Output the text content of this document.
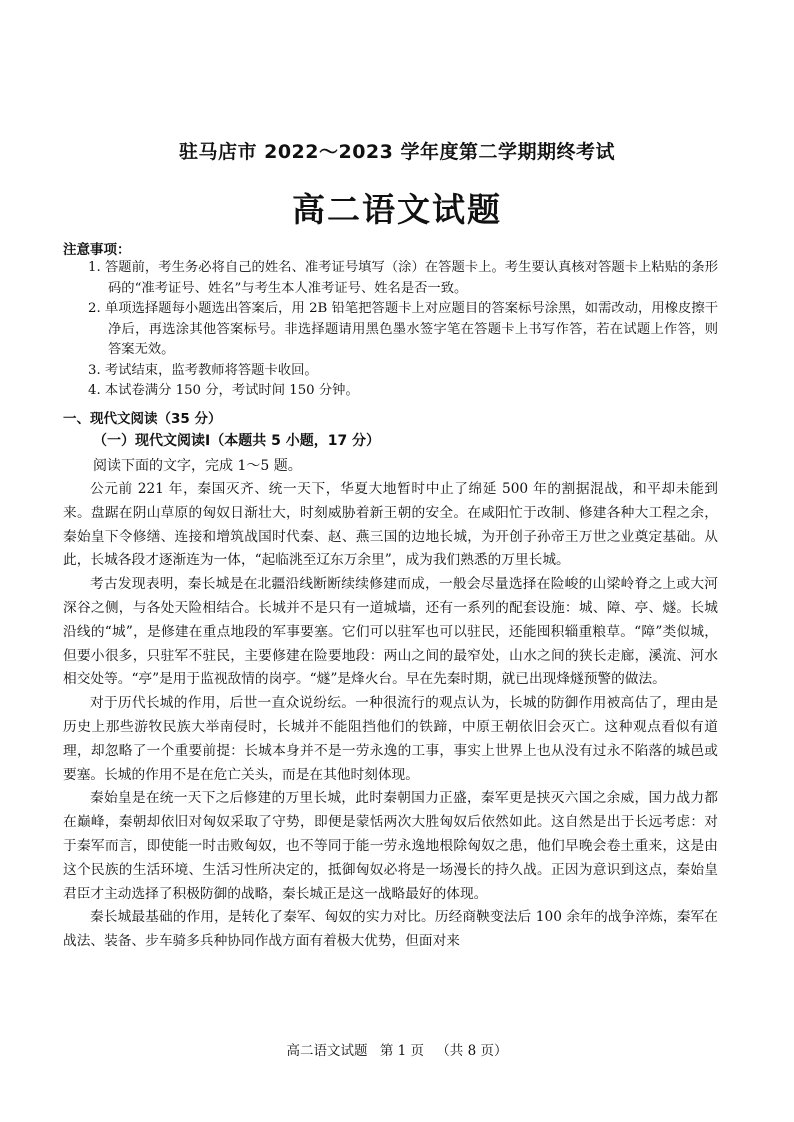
驻马店市 2022～2023 学年度第二学期期终考试
高二语文试题
注意事项：

1. 答题前，考生务必将自己的姓名、准考证号填写（涂）在答题卡上。考生要认真核对答题卡上粘贴的条形码的“准考证号、姓名”与考生本人准考证号、姓名是否一致。

2. 单项选择题每小题选出答案后，用 2B 铅笔把答题卡上对应题目的答案标号涂黑，如需改动，用橡皮擦干净后，再选涂其他答案标号。非选择题请用黑色墨水签字笔在答题卡上书写作答，若在试题上作答，则答案无效。

3. 考试结束，监考教师将答题卡收回。

4. 本试卷满分 150 分，考试时间 150 分钟。

一、现代文阅读（35 分）
（一）现代文阅读Ⅰ（本题共 5 小题，17 分）
阅读下面的文字，完成 1～5 题。

公元前 221 年，秦国灭齐、统一天下，华夏大地暂时中止了绵延 500 年的割据混战，和平却未能到来。盘踞在阴山草原的匈奴日渐壮大，时刻威胁着新王朝的安全。在咸阳忙于改制、修建各种大工程之余，秦始皇下令修缮、连接和增筑战国时代秦、赵、燕三国的边地长城，为开创子孙帝王万世之业奠定基础。从此，长城各段才逐渐连为一体，“起临洮至辽东万余里”，成为我们熟悉的万里长城。

考古发现表明，秦长城是在北疆沿线断断续续修建而成，一般会尽量选择在险峻的山梁岭脊之上或大河深谷之侧，与各处天险相结合。长城并不是只有一道城墙，还有一系列的配套设施：城、障、亭、燧。长城沿线的“城”，是修建在重点地段的军事要塞。它们可以驻军也可以驻民，还能囤积辎重粮草。“障”类似城，但要小很多，只驻军不驻民，主要修建在险要地段：两山之间的最窄处，山水之间的狭长走廊，溪流、河水相交处等。“亭”是用于监视敌情的岗亭。“燧”是烽火台。早在先秦时期，就已出现烽燧预警的做法。

对于历代长城的作用，后世一直众说纷纭。一种很流行的观点认为，长城的防御作用被高估了，理由是历史上那些游牧民族大举南侵时，长城并不能阻挡他们的铁蹄，中原王朝依旧会灭亡。这种观点看似有道理，却忽略了一个重要前提：长城本身并不是一劳永逸的工事，事实上世界上也从没有过永不陷落的城邑或要塞。长城的作用不是在危亡关头，而是在其他时刻体现。

秦始皇是在统一天下之后修建的万里长城，此时秦朝国力正盛，秦军更是挟灭六国之余威，国力战力都在巅峰，秦朝却依旧对匈奴采取了守势，即便是蒙恬两次大胜匈奴后依然如此。这自然是出于长远考虑：对于秦军而言，即使能一时击败匈奴，也不等同于能一劳永逸地根除匈奴之患，他们早晚会卷土重来，这是由这个民族的生活环境、生活习性所决定的，抵御匈奴必将是一场漫长的持久战。正因为意识到这点，秦始皇君臣才主动选择了积极防御的战略，秦长城正是这一战略最好的体现。

秦长城最基础的作用，是转化了秦军、匈奴的实力对比。历经商鞅变法后 100 余年的战争淬炼，秦军在战法、装备、步车骑多兵种协同作战方面有着极大优势，但面对来

高二语文试题 第 1 页 （共 8 页）
